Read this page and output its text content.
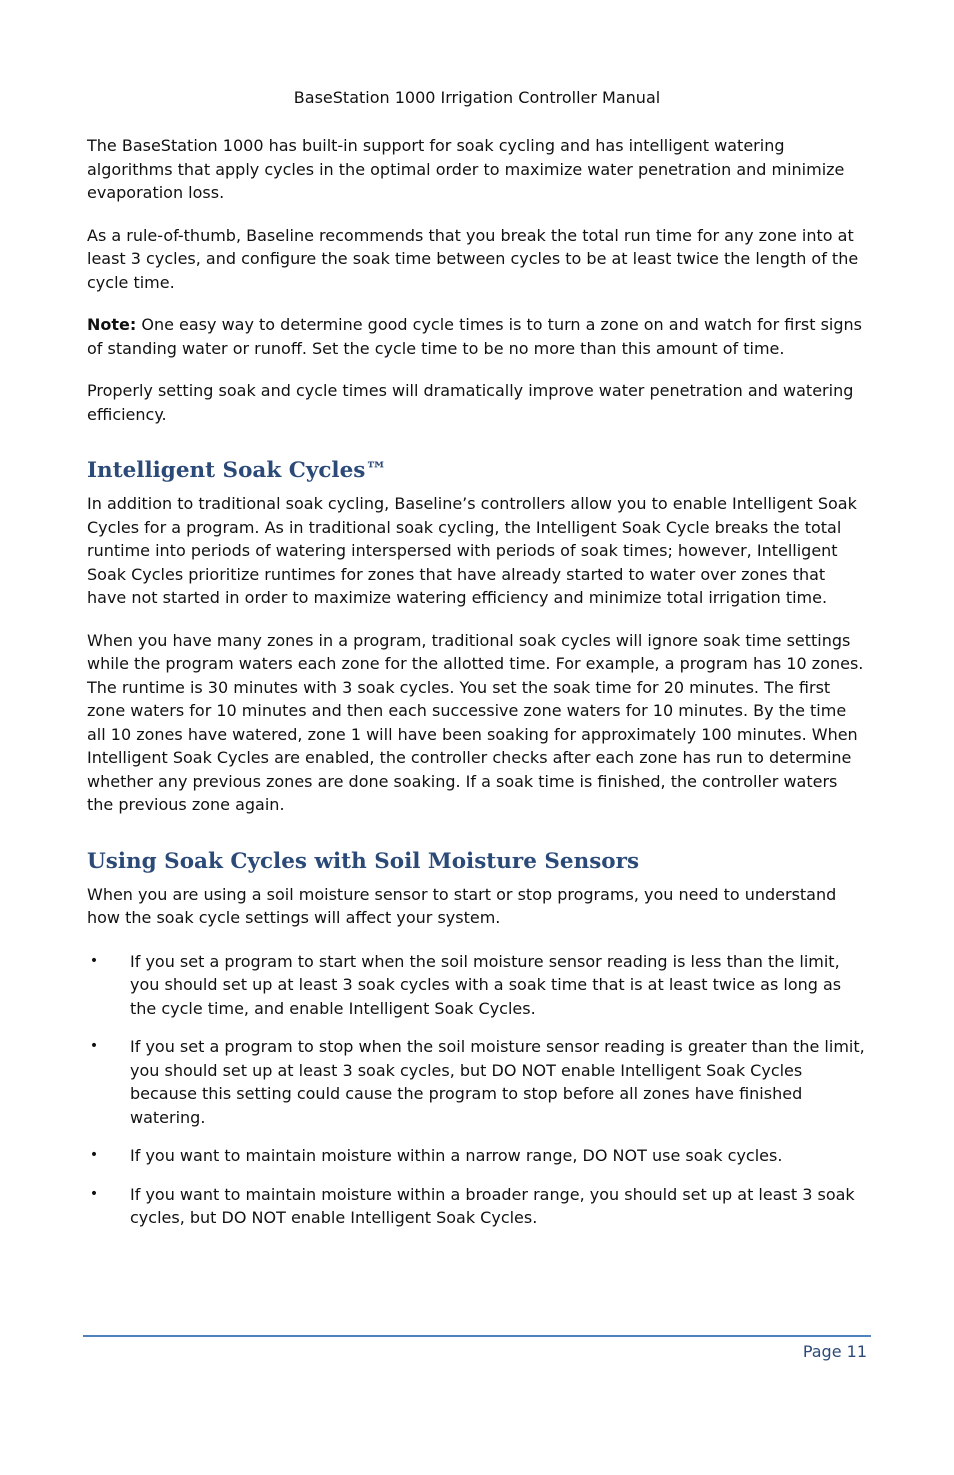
BaseStation 1000 Irrigation Controller Manual

The BaseStation 1000 has built-in support for soak cycling and has intelligent watering algorithms that apply cycles in the optimal order to maximize water penetration and minimize evaporation loss.

As a rule-of-thumb, Baseline recommends that you break the total run time for any zone into at least 3 cycles, and configure the soak time between cycles to be at least twice the length of the cycle time.

Note: One easy way to determine good cycle times is to turn a zone on and watch for first signs of standing water or runoff. Set the cycle time to be no more than this amount of time.

Properly setting soak and cycle times will dramatically improve water penetration and watering efficiency.

Intelligent Soak Cycles™

In addition to traditional soak cycling, Baseline’s controllers allow you to enable Intelligent Soak Cycles for a program. As in traditional soak cycling, the Intelligent Soak Cycle breaks the total runtime into periods of watering interspersed with periods of soak times; however, Intelligent Soak Cycles prioritize runtimes for zones that have already started to water over zones that have not started in order to maximize watering efficiency and minimize total irrigation time.

When you have many zones in a program, traditional soak cycles will ignore soak time settings while the program waters each zone for the allotted time. For example, a program has 10 zones. The runtime is 30 minutes with 3 soak cycles. You set the soak time for 20 minutes. The first zone waters for 10 minutes and then each successive zone waters for 10 minutes. By the time all 10 zones have watered, zone 1 will have been soaking for approximately 100 minutes. When Intelligent Soak Cycles are enabled, the controller checks after each zone has run to determine whether any previous zones are done soaking. If a soak time is finished, the controller waters the previous zone again.

Using Soak Cycles with Soil Moisture Sensors

When you are using a soil moisture sensor to start or stop programs, you need to understand how the soak cycle settings will affect your system.

• If you set a program to start when the soil moisture sensor reading is less than the limit, you should set up at least 3 soak cycles with a soak time that is at least twice as long as the cycle time, and enable Intelligent Soak Cycles.
• If you set a program to stop when the soil moisture sensor reading is greater than the limit, you should set up at least 3 soak cycles, but DO NOT enable Intelligent Soak Cycles because this setting could cause the program to stop before all zones have finished watering.
• If you want to maintain moisture within a narrow range, DO NOT use soak cycles.
• If you want to maintain moisture within a broader range, you should set up at least 3 soak cycles, but DO NOT enable Intelligent Soak Cycles.
Page 11
